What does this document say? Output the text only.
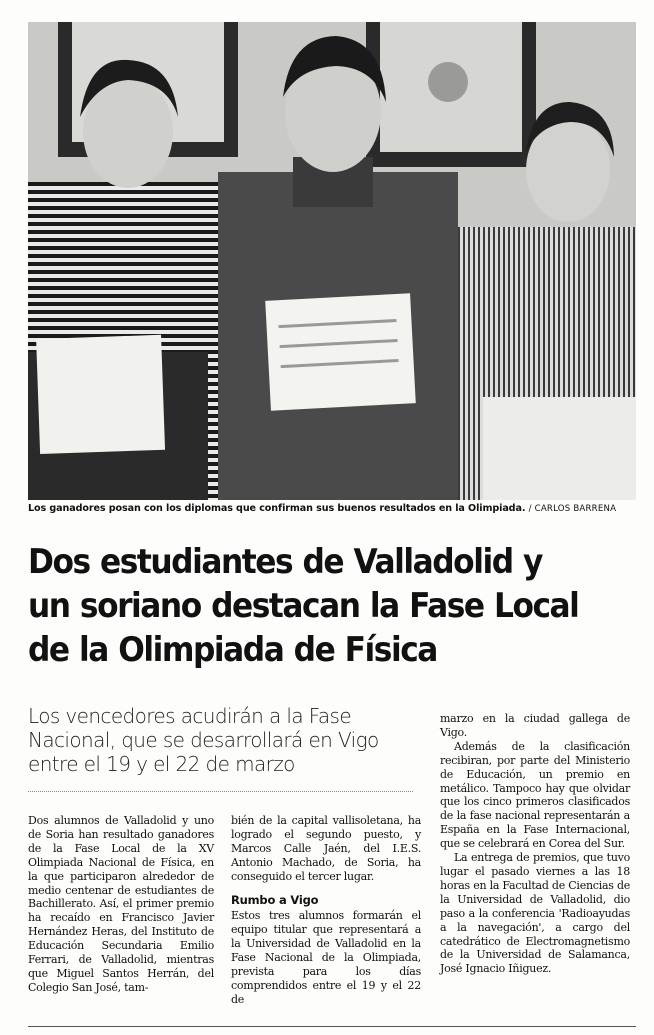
Los ganadores posan con los diplomas que confirman sus buenos resultados en la Olimpiada. / CARLOS BARRENA
Dos estudiantes de Valladolid y un soriano destacan la Fase Local de la Olimpiada de Física

Los vencedores acudirán a la Fase Nacional, que se desarrollará en Vigo entre el 19 y el 22 de marzo

Dos alumnos de Valladolid y uno de Soria han resultado ganadores de la Fase Local de la XV Olimpiada Nacional de Física, en la que participaron alrededor de medio centenar de estudiantes de Bachillerato. Así, el primer premio ha recaído en Francisco Javier Hernández Heras, del Instituto de Educación Secundaria Emilio Ferrari, de Valladolid, mientras que Miguel Santos Herrán, del Colegio San José, tam-

bién de la capital vallisoletana, ha logrado el segundo puesto, y Marcos Calle Jaén, del I.E.S. Antonio Machado, de Soria, ha conseguido el tercer lugar.

Rumbo a Vigo

Estos tres alumnos formarán el equipo titular que representará a la Universidad de Valladolid en la Fase Nacional de la Olimpiada, prevista para los días comprendidos entre el 19 y el 22 de

marzo en la ciudad gallega de Vigo.

Además de la clasificación recibiran, por parte del Ministerio de Educación, un premio en metálico. Tampoco hay que olvidar que los cinco primeros clasificados de la fase nacional representarán a España en la Fase Internacional, que se celebrará en Corea del Sur.

La entrega de premios, que tuvo lugar el pasado viernes a las 18 horas en la Facultad de Ciencias de la Universidad de Valladolid, dio paso a la conferencia 'Radioayudas a la navegación', a cargo del catedrático de Electromagnetismo de la Universidad de Salamanca, José Ignacio Iñiguez.
